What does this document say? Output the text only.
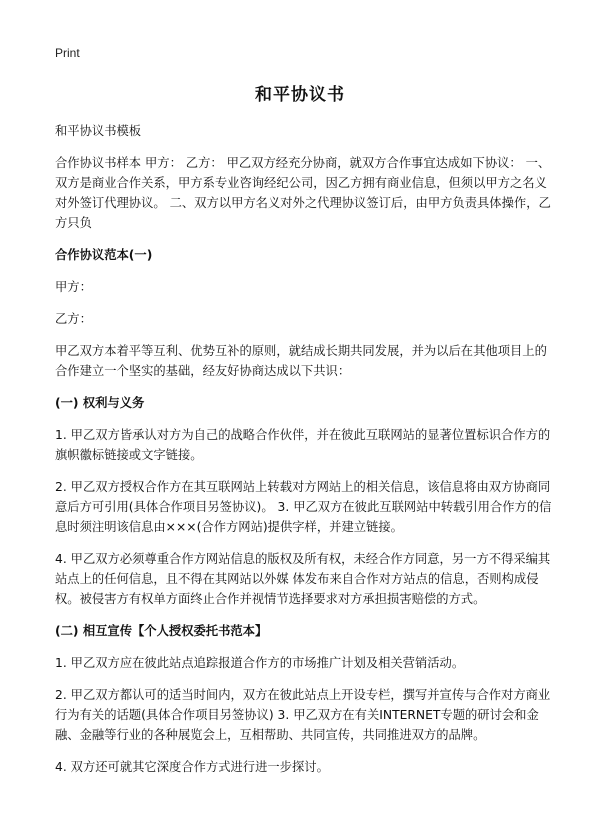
Print
和平协议书

和平协议书模板

合作协议书样本 甲方： 乙方： 甲乙双方经充分协商，就双方合作事宜达成如下协议： 一、双方是商业合作关系，甲方系专业咨询经纪公司，因乙方拥有商业信息，但须以甲方之名义对外签订代理协议。 二、双方以甲方名义对外之代理协议签订后，由甲方负责具体操作，乙方只负

合作协议范本(一)

甲方：

乙方：

甲乙双方本着平等互利、优势互补的原则，就结成长期共同发展，并为以后在其他项目上的合作建立一个坚实的基础，经友好协商达成以下共识：

(一) 权利与义务

1. 甲乙双方皆承认对方为自己的战略合作伙伴，并在彼此互联网站的显著位置标识合作方的旗帜徽标链接或文字链接。

2. 甲乙双方授权合作方在其互联网站上转载对方网站上的相关信息，该信息将由双方协商同意后方可引用(具体合作项目另签协议)。 3. 甲乙双方在彼此互联网站中转载引用合作方的信息时须注明该信息由×××(合作方网站)提供字样，并建立链接。

4. 甲乙双方必须尊重合作方网站信息的版权及所有权，未经合作方同意，另一方不得采编其站点上的任何信息，且不得在其网站以外媒 体发布来自合作对方站点的信息，否则构成侵权。被侵害方有权单方面终止合作并视情节选择要求对方承担损害赔偿的方式。

(二) 相互宣传【个人授权委托书范本】

1. 甲乙双方应在彼此站点追踪报道合作方的市场推广计划及相关营销活动。

2. 甲乙双方都认可的适当时间内，双方在彼此站点上开设专栏，撰写并宣传与合作对方商业行为有关的话题(具体合作项目另签协议) 3. 甲乙双方在有关INTERNET专题的研讨会和金融、金融等行业的各种展览会上，互相帮助、共同宣传，共同推进双方的品牌。

4. 双方还可就其它深度合作方式进行进一步探讨。
